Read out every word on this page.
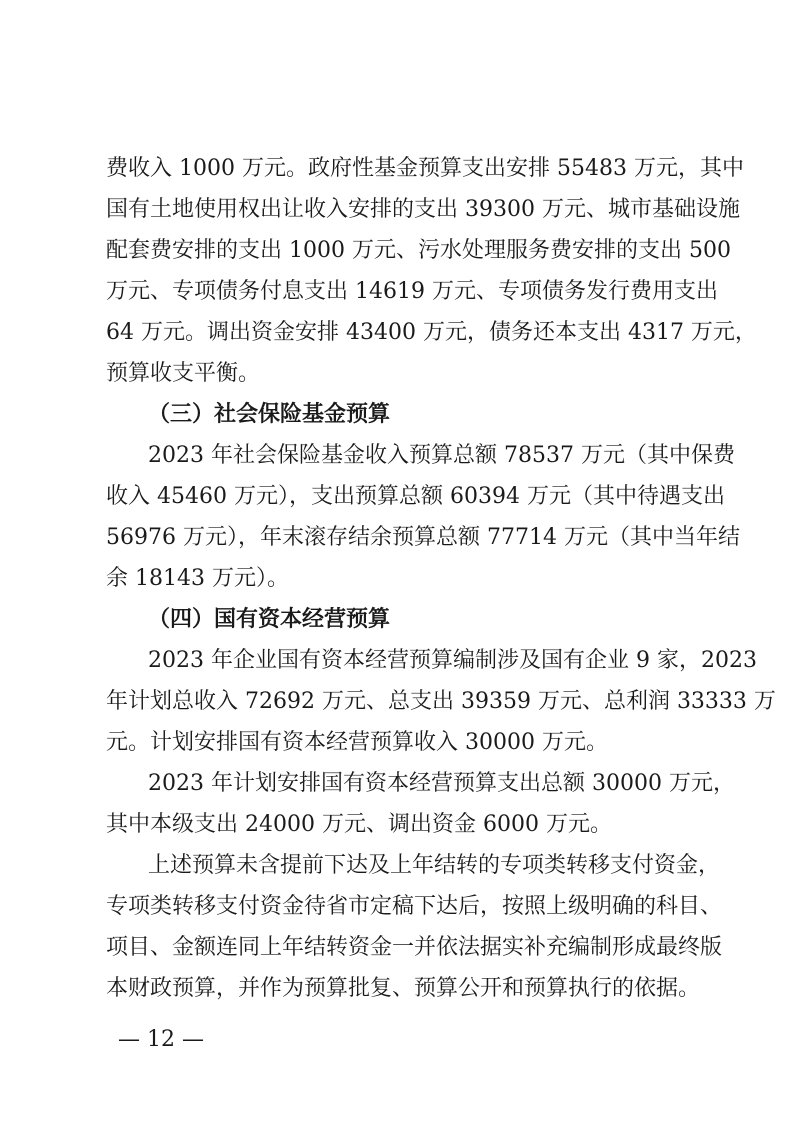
费收入 1000 万元。政府性基金预算支出安排 55483 万元，其中
国有土地使用权出让收入安排的支出 39300 万元、城市基础设施
配套费安排的支出 1000 万元、污水处理服务费安排的支出 500
万元、专项债务付息支出 14619 万元、专项债务发行费用支出
64 万元。调出资金安排 43400 万元，债务还本支出 4317 万元，
预算收支平衡。
（三）社会保险基金预算
2023 年社会保险基金收入预算总额 78537 万元（其中保费
收入 45460 万元），支出预算总额 60394 万元（其中待遇支出
56976 万元），年末滚存结余预算总额 77714 万元（其中当年结
余 18143 万元）。
（四）国有资本经营预算
2023 年企业国有资本经营预算编制涉及国有企业 9 家，2023
年计划总收入 72692 万元、总支出 39359 万元、总利润 33333 万
元。计划安排国有资本经营预算收入 30000 万元。
2023 年计划安排国有资本经营预算支出总额 30000 万元，
其中本级支出 24000 万元、调出资金 6000 万元。
— 12 —
上述预算未含提前下达及上年结转的专项类转移支付资金，
专项类转移支付资金待省市定稿下达后，按照上级明确的科目、
项目、金额连同上年结转资金一并依法据实补充编制形成最终版
本财政预算，并作为预算批复、预算公开和预算执行的依据。
